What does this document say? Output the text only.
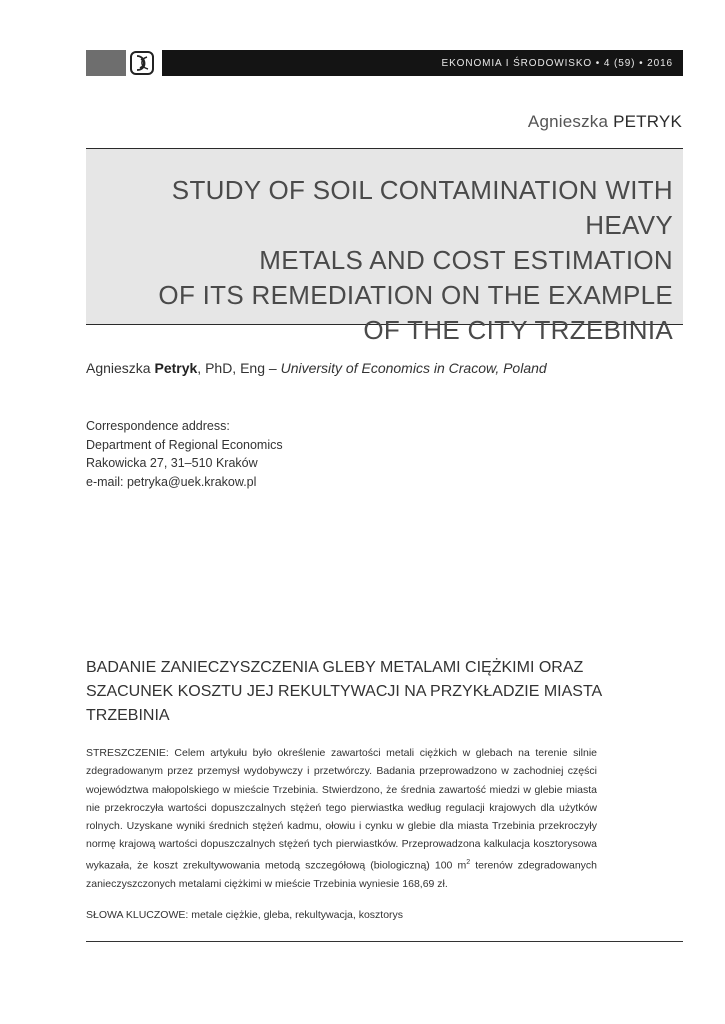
EKONOMIA I ŚRODOWISKO • 4 (59) • 2016
Agnieszka PETRYK
STUDY OF SOIL CONTAMINATION WITH HEAVY
METALS AND COST ESTIMATION
OF ITS REMEDIATION ON THE EXAMPLE
OF THE CITY TRZEBINIA
Agnieszka Petryk, PhD, Eng – University of Economics in Cracow, Poland
Correspondence address:
Department of Regional Economics
Rakowicka 27, 31–510 Kraków
e-mail: petryka@uek.krakow.pl
BADANIE ZANIECZYSZCZENIA GLEBY METALAMI CIĘŻKIMI ORAZ
SZACUNEK KOSZTU JEJ REKULTYWACJI NA PRZYKŁADZIE MIASTA
TRZEBINIA
STRESZCZENIE: Celem artykułu było określenie zawartości metali ciężkich w glebach na terenie silnie zdegradowanym przez przemysł wydobywczy i przetwórczy. Badania przeprowadzono w zachodniej części województwa małopolskiego w mieście Trzebinia. Stwierdzono, że średnia zawartość miedzi w glebie miasta nie przekroczyła wartości dopuszczalnych stężeń tego pierwiastka według regulacji krajowych dla użytków rolnych. Uzyskane wyniki średnich stężeń kadmu, ołowiu i cynku w glebie dla miasta Trzebinia przekroczyły normę krajową wartości dopuszczalnych stężeń tych pierwiastków. Przeprowadzona kalkulacja kosztorysowa wykazała, że koszt zrekultywowania metodą szczegółową (biologiczną) 100 $m^2$ terenów zdegradowanych zanieczyszczonych metalami ciężkimi w mieście Trzebinia wyniesie 168,69 zł.
SŁOWA KLUCZOWE: metale ciężkie, gleba, rekultywacja, kosztorys
